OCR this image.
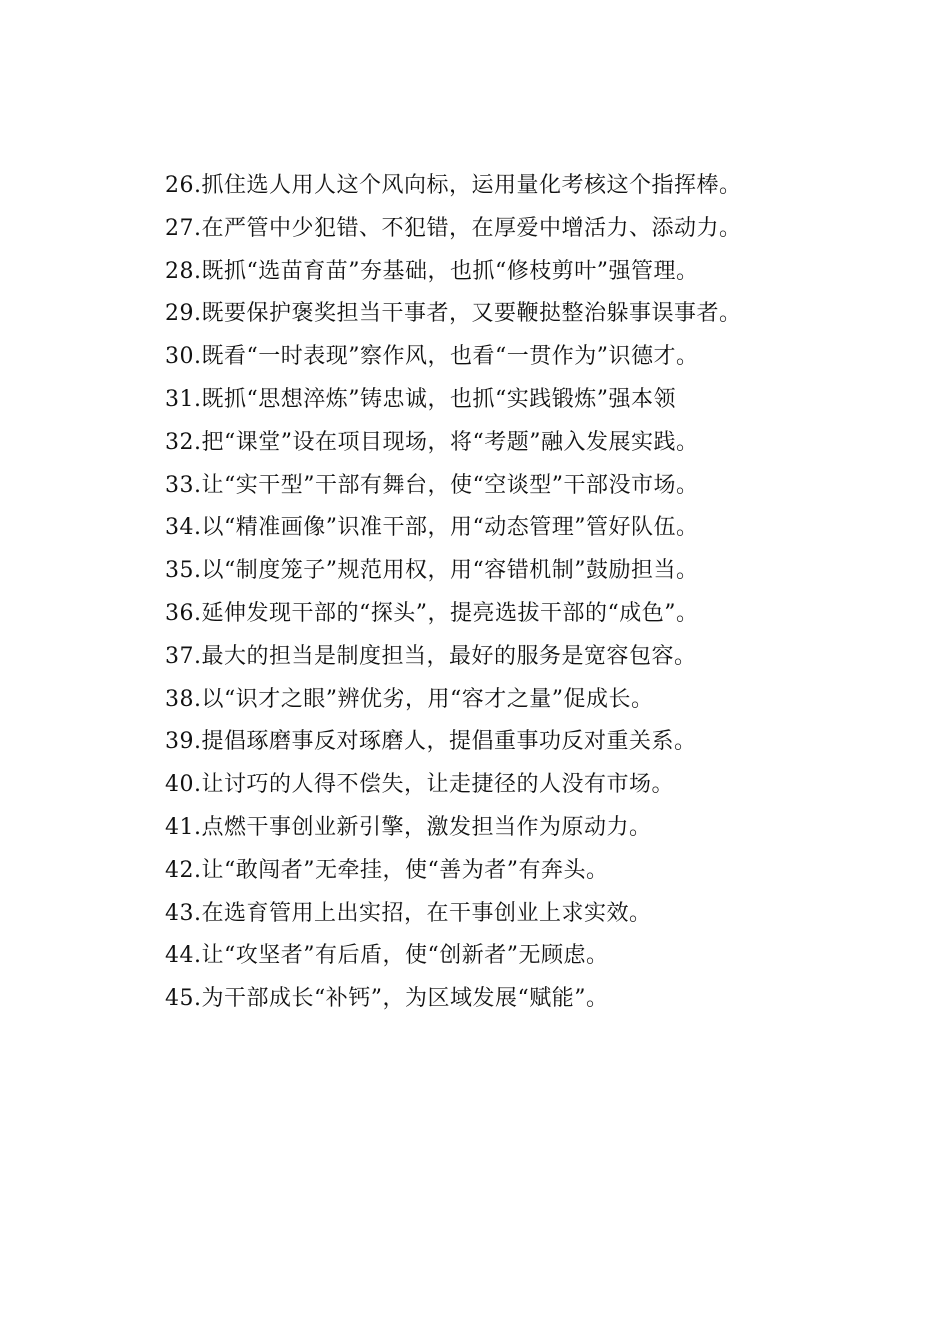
26.抓住选人用人这个风向标，运用量化考核这个指挥棒。
27.在严管中少犯错、不犯错，在厚爱中增活力、添动力。
28.既抓“选苗育苗”夯基础，也抓“修枝剪叶”强管理。
29.既要保护褒奖担当干事者，又要鞭挞整治躲事误事者。
30.既看“一时表现”察作风，也看“一贯作为”识德才。
31.既抓“思想淬炼”铸忠诚，也抓“实践锻炼”强本领
32.把“课堂”设在项目现场，将“考题”融入发展实践。
33.让“实干型”干部有舞台，使“空谈型”干部没市场。
34.以“精准画像”识准干部，用“动态管理”管好队伍。
35.以“制度笼子”规范用权，用“容错机制”鼓励担当。
36.延伸发现干部的“探头”，提亮选拔干部的“成色”。
37.最大的担当是制度担当，最好的服务是宽容包容。
38.以“识才之眼”辨优劣，用“容才之量”促成长。
39.提倡琢磨事反对琢磨人，提倡重事功反对重关系。
40.让讨巧的人得不偿失，让走捷径的人没有市场。
41.点燃干事创业新引擎，激发担当作为原动力。
42.让“敢闯者”无牵挂，使“善为者”有奔头。
43.在选育管用上出实招，在干事创业上求实效。
44.让“攻坚者”有后盾，使“创新者”无顾虑。
45.为干部成长“补钙”，为区域发展“赋能”。
